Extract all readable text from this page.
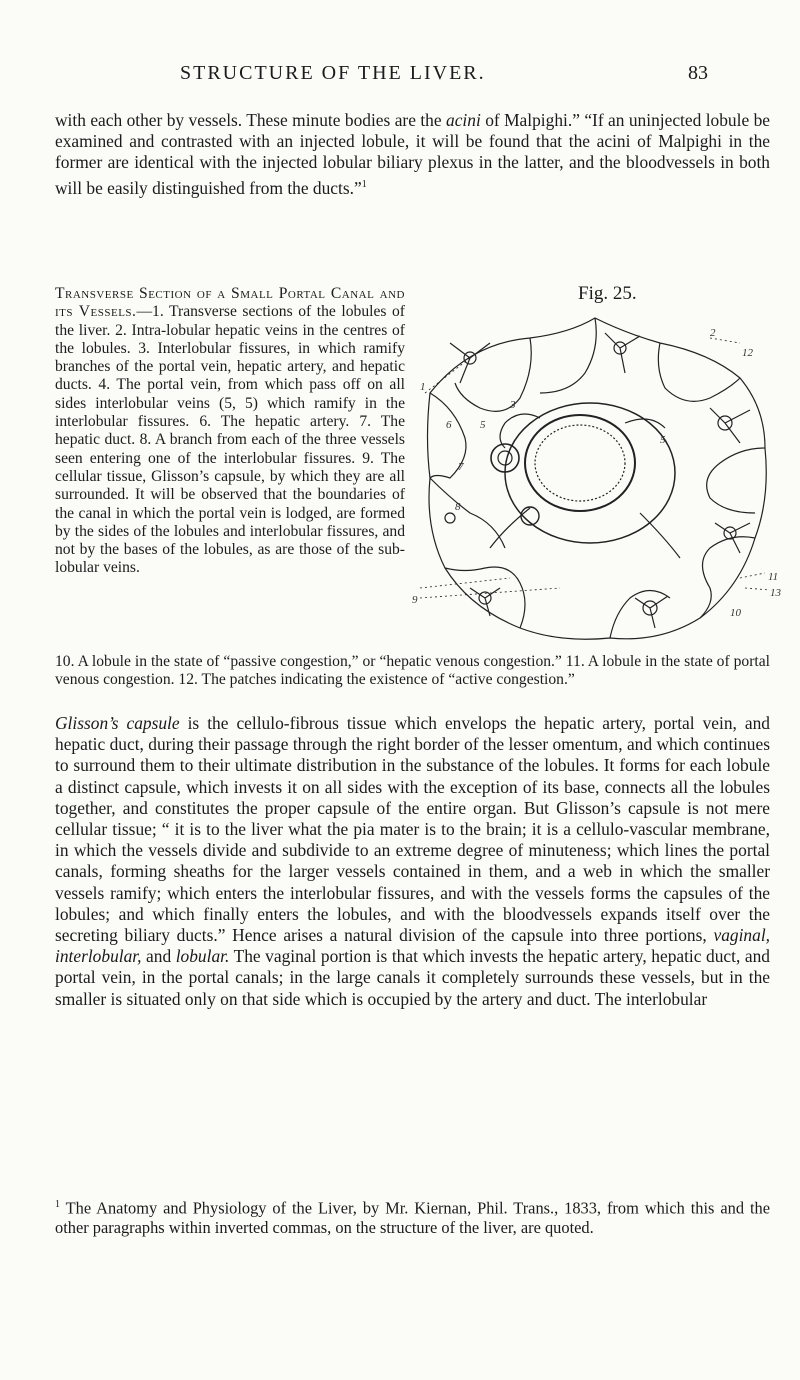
STRUCTURE OF THE LIVER.	83
with each other by vessels. These minute bodies are the acini of Malpighi.” “If an uninjected lobule be examined and contrasted with an injected lobule, it will be found that the acini of Malpighi in the former are identical with the injected lobular biliary plexus in the latter, and the bloodvessels in both will be easily distinguished from the ducts.”$^1$
Fig. 25.
Transverse Section of a Small Portal Canal and its Vessels.—1. Transverse sections of the lobules of the liver. 2. Intra-lobular hepatic veins in the centres of the lobules. 3. Interlobular fissures, in which ramify branches of the portal vein, hepatic artery, and hepatic ducts. 4. The portal vein, from which pass off on all sides interlobular veins (5, 5) which ramify in the interlobular fissures. 6. The hepatic artery. 7. The hepatic duct. 8. A branch from each of the three vessels seen entering one of the interlobular fissures. 9. The cellular tissue, Glisson’s capsule, by which they are all surrounded. It will be observed that the boundaries of the canal in which the portal vein is lodged, are formed by the sides of the lobules and interlobular fissures, and not by the bases of the lobules, as are those of the sub-lobular veins.
1
2
3
5
5
6
7
8
9
10
11
12
13
10. A lobule in the state of “passive congestion,” or “hepatic venous congestion.” 11. A lobule in the state of portal venous congestion. 12. The patches indicating the existence of “active congestion.”
Glisson’s capsule is the cellulo-fibrous tissue which envelops the hepatic artery, portal vein, and hepatic duct, during their passage through the right border of the lesser omentum, and which continues to surround them to their ultimate distribution in the substance of the lobules. It forms for each lobule a distinct capsule, which invests it on all sides with the exception of its base, connects all the lobules together, and constitutes the proper capsule of the entire organ. But Glisson’s capsule is not mere cellular tissue; “ it is to the liver what the pia mater is to the brain; it is a cellulo-vascular membrane, in which the vessels divide and subdivide to an extreme degree of minuteness; which lines the portal canals, forming sheaths for the larger vessels contained in them, and a web in which the smaller vessels ramify; which enters the interlobular fissures, and with the vessels forms the capsules of the lobules; and which finally enters the lobules, and with the bloodvessels expands itself over the secreting biliary ducts.” Hence arises a natural division of the capsule into three portions, vaginal, interlobular, and lobular. The vaginal portion is that which invests the hepatic artery, hepatic duct, and portal vein, in the portal canals; in the large canals it completely surrounds these vessels, but in the smaller is situated only on that side which is occupied by the artery and duct. The interlobular
$^1$ The Anatomy and Physiology of the Liver, by Mr. Kiernan, Phil. Trans., 1833, from which this and the other paragraphs within inverted commas, on the structure of the liver, are quoted.
